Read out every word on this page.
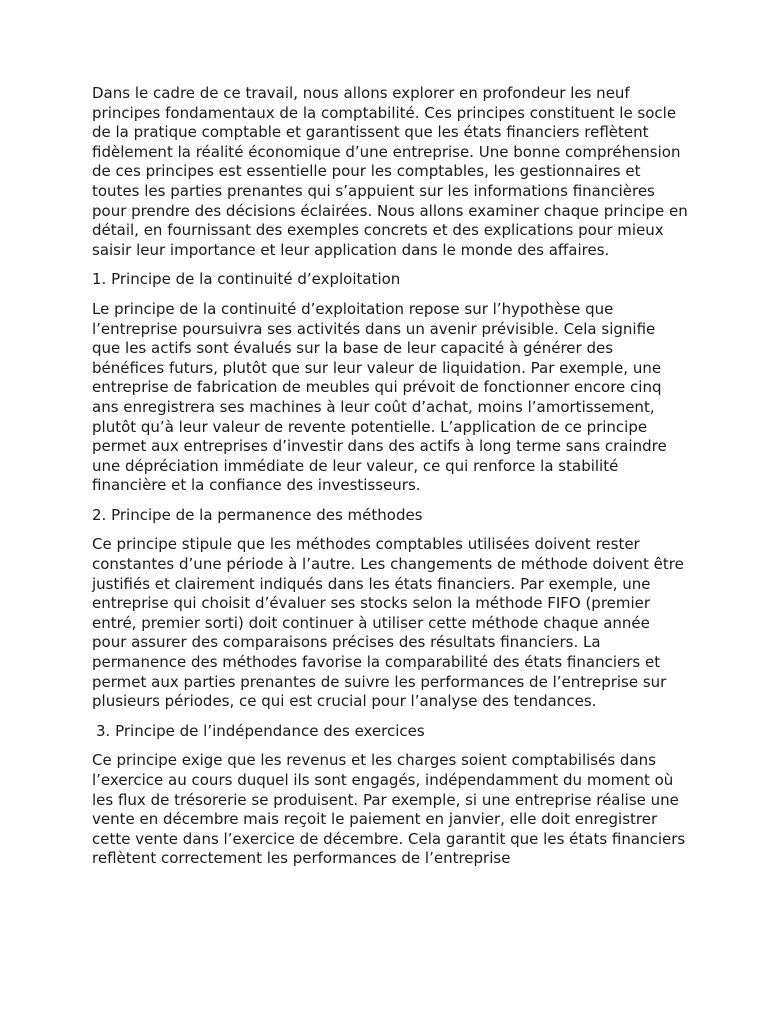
Dans le cadre de ce travail, nous allons explorer en profondeur les neuf principes fondamentaux de la comptabilité. Ces principes constituent le socle de la pratique comptable et garantissent que les états financiers reflètent fidèlement la réalité économique d’une entreprise. Une bonne compréhension de ces principes est essentielle pour les comptables, les gestionnaires et toutes les parties prenantes qui s’appuient sur les informations financières pour prendre des décisions éclairées. Nous allons examiner chaque principe en détail, en fournissant des exemples concrets et des explications pour mieux saisir leur importance et leur application dans le monde des affaires.

1. Principe de la continuité d’exploitation

Le principe de la continuité d’exploitation repose sur l’hypothèse que l’entreprise poursuivra ses activités dans un avenir prévisible. Cela signifie que les actifs sont évalués sur la base de leur capacité à générer des bénéfices futurs, plutôt que sur leur valeur de liquidation. Par exemple, une entreprise de fabrication de meubles qui prévoit de fonctionner encore cinq ans enregistrera ses machines à leur coût d’achat, moins l’amortissement, plutôt qu’à leur valeur de revente potentielle. L’application de ce principe permet aux entreprises d’investir dans des actifs à long terme sans craindre une dépréciation immédiate de leur valeur, ce qui renforce la stabilité financière et la confiance des investisseurs.

2. Principe de la permanence des méthodes

Ce principe stipule que les méthodes comptables utilisées doivent rester constantes d’une période à l’autre. Les changements de méthode doivent être justifiés et clairement indiqués dans les états financiers. Par exemple, une entreprise qui choisit d’évaluer ses stocks selon la méthode FIFO (premier entré, premier sorti) doit continuer à utiliser cette méthode chaque année pour assurer des comparaisons précises des résultats financiers. La permanence des méthodes favorise la comparabilité des états financiers et permet aux parties prenantes de suivre les performances de l’entreprise sur plusieurs périodes, ce qui est crucial pour l’analyse des tendances.

3. Principe de l’indépendance des exercices

Ce principe exige que les revenus et les charges soient comptabilisés dans l’exercice au cours duquel ils sont engagés, indépendamment du moment où les flux de trésorerie se produisent. Par exemple, si une entreprise réalise une vente en décembre mais reçoit le paiement en janvier, elle doit enregistrer cette vente dans l’exercice de décembre. Cela garantit que les états financiers reflètent correctement les performances de l’entreprise
